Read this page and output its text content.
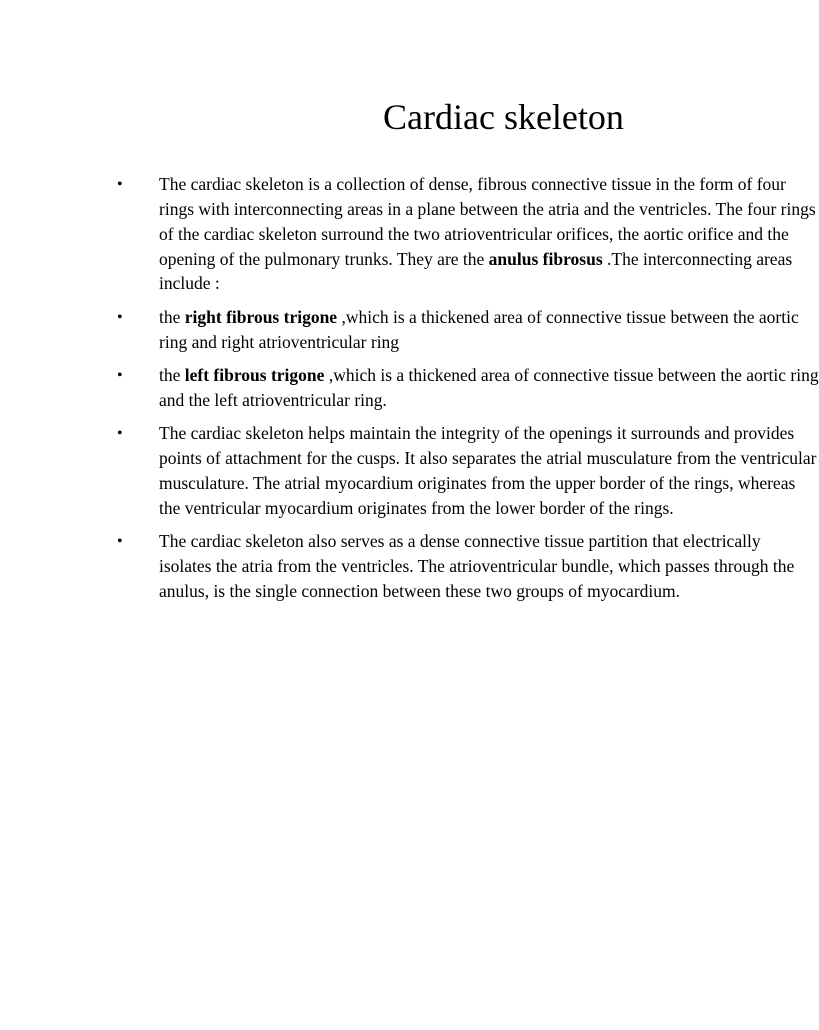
Cardiac skeleton
• The cardiac skeleton is a collection of dense, fibrous connective tissue in the form of four
rings with interconnecting areas in a plane between the atria and the ventricles. The four rings
of the cardiac skeleton surround the two atrioventricular orifices, the aortic orifice and the
opening of the pulmonary trunks. They are the anulus fibrosus .The interconnecting areas
include :
• the right fibrous trigone ,which is a thickened area of connective tissue between the aortic
ring and right atrioventricular ring
• the left fibrous trigone ,which is a thickened area of connective tissue between the aortic ring
and the left atrioventricular ring.
• The cardiac skeleton helps maintain the integrity of the openings it surrounds and provides
points of attachment for the cusps. It also separates the atrial musculature from the ventricular
musculature. The atrial myocardium originates from the upper border of the rings, whereas
the ventricular myocardium originates from the lower border of the rings.
• The cardiac skeleton also serves as a dense connective tissue partition that electrically
isolates the atria from the ventricles. The atrioventricular bundle, which passes through the
anulus, is the single connection between these two groups of myocardium.
